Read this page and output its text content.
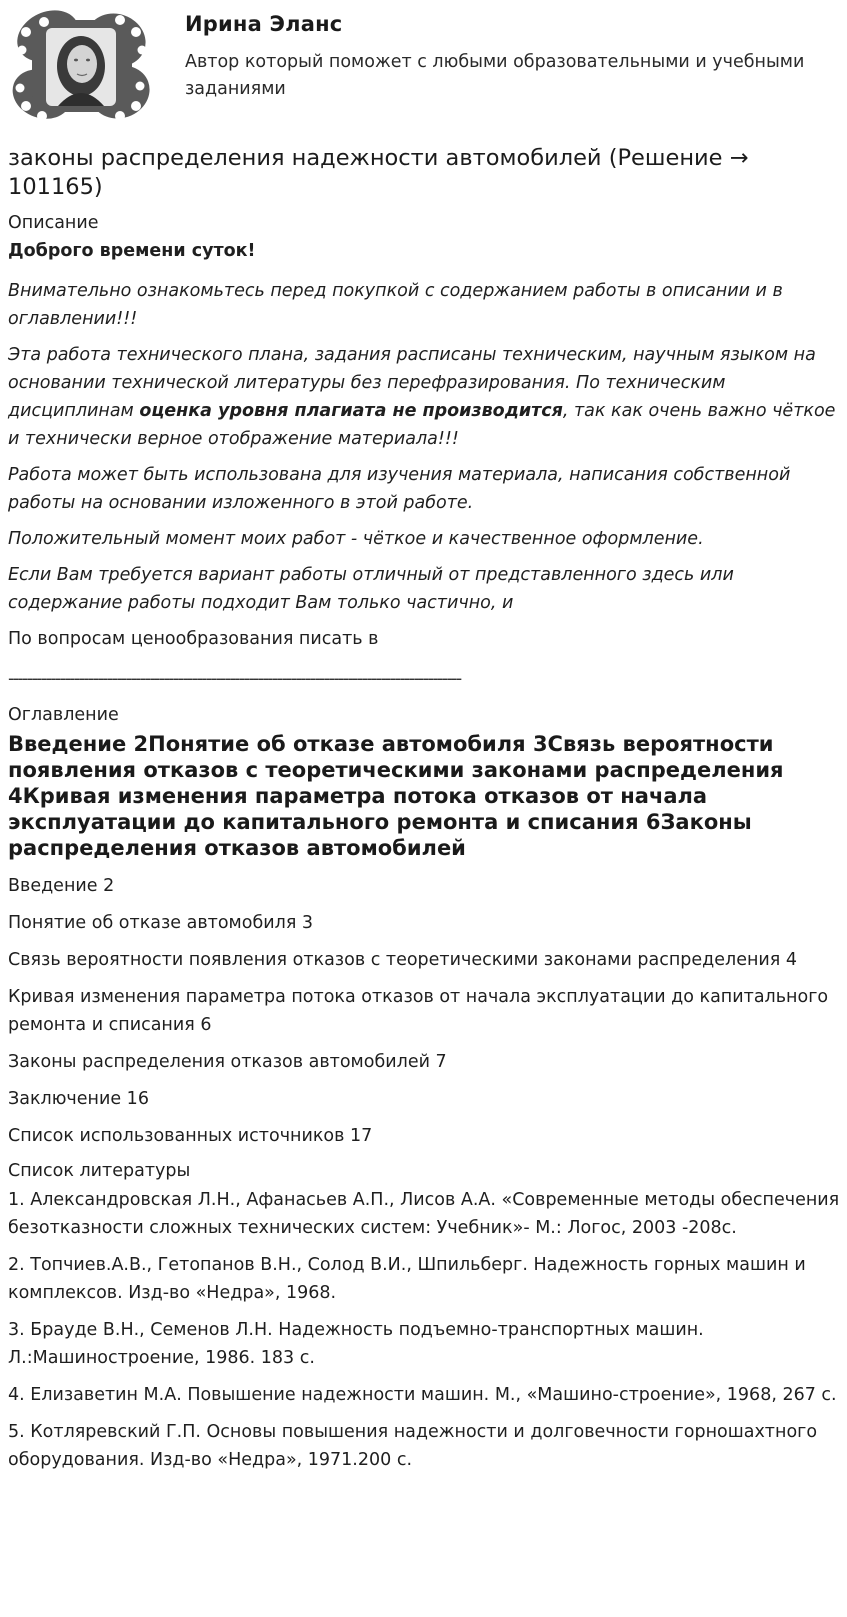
Ирина Эланс
Автор который поможет с любыми образовательными и учебными заданиями
законы распределения надежности автомобилей (Решение → 101165)
Описание
Доброго времени суток!

Внимательно ознакомьтесь перед покупкой с содержанием работы в описании и в оглавлении!!!

Эта работа технического плана, задания расписаны техническим, научным языком на основании технической литературы без перефразирования. По техническим дисциплинам оценка уровня плагиата не производится, так как очень важно чёткое и технически верное отображение материала!!!

Работа может быть использована для изучения материала, написания собственной работы на основании изложенного в этой работе.

Положительный момент моих работ - чёткое и качественное оформление.

Если Вам требуется вариант работы отличный от представленного здесь или содержание работы подходит Вам только частично, и

По вопросам ценообразования писать в

------------------------------------------------------------------------------------------------
Оглавление
Введение 2Понятие об отказе автомобиля 3Связь вероятности появления отказов с теоретическими законами распределения 4Кривая изменения параметра потока отказов от начала эксплуатации до капитального ремонта и списания 6Законы распределения отказов автомобилей

Введение 2

Понятие об отказе автомобиля 3

Связь вероятности появления отказов с теоретическими законами распределения 4

Кривая изменения параметра потока отказов от начала эксплуатации до капитального ремонта и списания 6

Законы распределения отказов автомобилей 7

Заключение 16

Список использованных источников 17

Список литературы

1. Александровская Л.Н., Афанасьев А.П., Лисов А.А. «Современные методы обеспечения безотказности сложных технических систем: Учебник»- М.: Логос, 2003 -208с.

2. Топчиев.А.В., Гетопанов В.Н., Солод В.И., Шпильберг. Надежность горных машин и комплексов. Изд-во «Недра», 1968.

3. Брауде В.Н., Семенов Л.Н. Надежность подъемно-транспортных машин. Л.:Машиностроение, 1986. 183 с.

4. Елизаветин М.А. Повышение надежности машин. М., «Машино-строение», 1968, 267 с.

5. Котляревский Г.П. Основы повышения надежности и долговечности горношахтного оборудования. Изд-во «Недра», 1971.200 с.
